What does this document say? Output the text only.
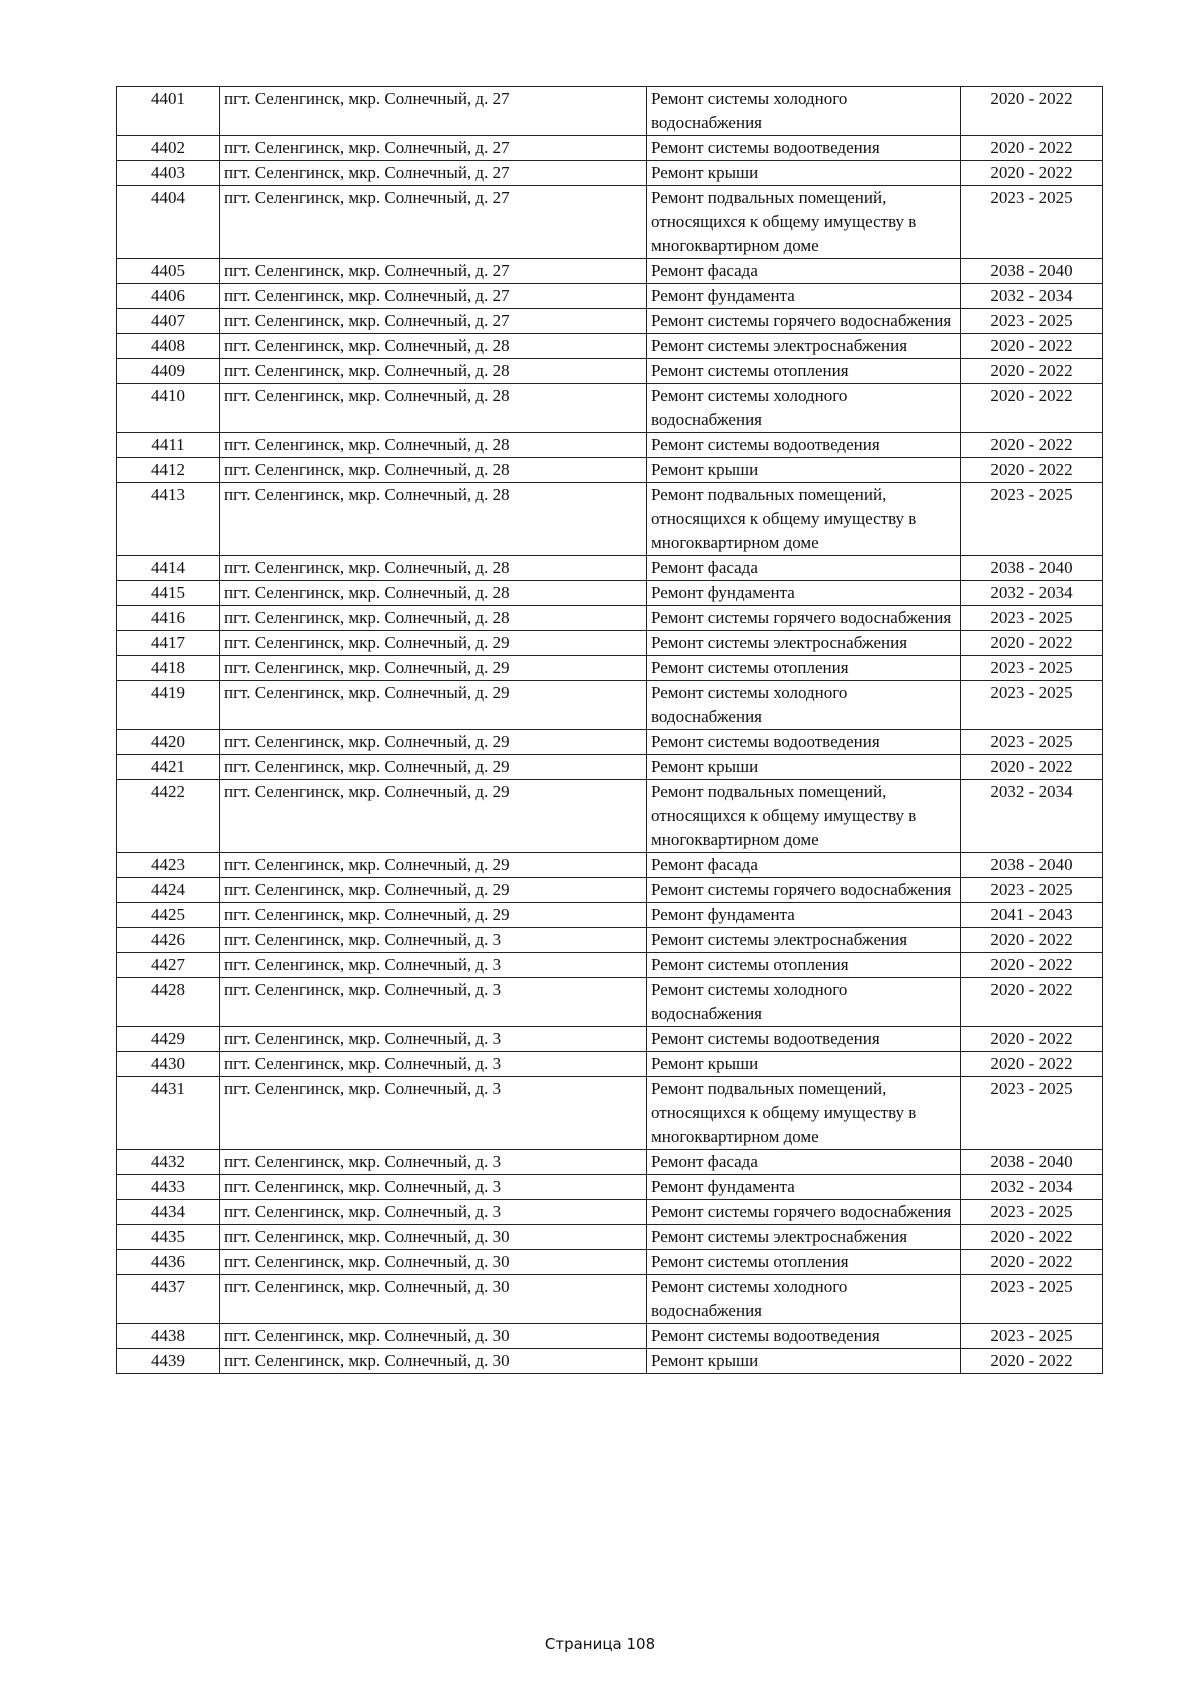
4401	пгт. Селенгинск, мкр. Солнечный, д. 27	Ремонт системы холодного водоснабжения	2020 - 2022
4402	пгт. Селенгинск, мкр. Солнечный, д. 27	Ремонт системы водоотведения	2020 - 2022
4403	пгт. Селенгинск, мкр. Солнечный, д. 27	Ремонт крыши	2020 - 2022
4404	пгт. Селенгинск, мкр. Солнечный, д. 27	Ремонт подвальных помещений, относящихся к общему имуществу в многоквартирном доме	2023 - 2025
4405	пгт. Селенгинск, мкр. Солнечный, д. 27	Ремонт фасада	2038 - 2040
4406	пгт. Селенгинск, мкр. Солнечный, д. 27	Ремонт фундамента	2032 - 2034
4407	пгт. Селенгинск, мкр. Солнечный, д. 27	Ремонт системы горячего водоснабжения	2023 - 2025
4408	пгт. Селенгинск, мкр. Солнечный, д. 28	Ремонт системы электроснабжения	2020 - 2022
4409	пгт. Селенгинск, мкр. Солнечный, д. 28	Ремонт системы отопления	2020 - 2022
4410	пгт. Селенгинск, мкр. Солнечный, д. 28	Ремонт системы холодного водоснабжения	2020 - 2022
4411	пгт. Селенгинск, мкр. Солнечный, д. 28	Ремонт системы водоотведения	2020 - 2022
4412	пгт. Селенгинск, мкр. Солнечный, д. 28	Ремонт крыши	2020 - 2022
4413	пгт. Селенгинск, мкр. Солнечный, д. 28	Ремонт подвальных помещений, относящихся к общему имуществу в многоквартирном доме	2023 - 2025
4414	пгт. Селенгинск, мкр. Солнечный, д. 28	Ремонт фасада	2038 - 2040
4415	пгт. Селенгинск, мкр. Солнечный, д. 28	Ремонт фундамента	2032 - 2034
4416	пгт. Селенгинск, мкр. Солнечный, д. 28	Ремонт системы горячего водоснабжения	2023 - 2025
4417	пгт. Селенгинск, мкр. Солнечный, д. 29	Ремонт системы электроснабжения	2020 - 2022
4418	пгт. Селенгинск, мкр. Солнечный, д. 29	Ремонт системы отопления	2023 - 2025
4419	пгт. Селенгинск, мкр. Солнечный, д. 29	Ремонт системы холодного водоснабжения	2023 - 2025
4420	пгт. Селенгинск, мкр. Солнечный, д. 29	Ремонт системы водоотведения	2023 - 2025
4421	пгт. Селенгинск, мкр. Солнечный, д. 29	Ремонт крыши	2020 - 2022
4422	пгт. Селенгинск, мкр. Солнечный, д. 29	Ремонт подвальных помещений, относящихся к общему имуществу в многоквартирном доме	2032 - 2034
4423	пгт. Селенгинск, мкр. Солнечный, д. 29	Ремонт фасада	2038 - 2040
4424	пгт. Селенгинск, мкр. Солнечный, д. 29	Ремонт системы горячего водоснабжения	2023 - 2025
4425	пгт. Селенгинск, мкр. Солнечный, д. 29	Ремонт фундамента	2041 - 2043
4426	пгт. Селенгинск, мкр. Солнечный, д. 3	Ремонт системы электроснабжения	2020 - 2022
4427	пгт. Селенгинск, мкр. Солнечный, д. 3	Ремонт системы отопления	2020 - 2022
4428	пгт. Селенгинск, мкр. Солнечный, д. 3	Ремонт системы холодного водоснабжения	2020 - 2022
4429	пгт. Селенгинск, мкр. Солнечный, д. 3	Ремонт системы водоотведения	2020 - 2022
4430	пгт. Селенгинск, мкр. Солнечный, д. 3	Ремонт крыши	2020 - 2022
4431	пгт. Селенгинск, мкр. Солнечный, д. 3	Ремонт подвальных помещений, относящихся к общему имуществу в многоквартирном доме	2023 - 2025
4432	пгт. Селенгинск, мкр. Солнечный, д. 3	Ремонт фасада	2038 - 2040
4433	пгт. Селенгинск, мкр. Солнечный, д. 3	Ремонт фундамента	2032 - 2034
4434	пгт. Селенгинск, мкр. Солнечный, д. 3	Ремонт системы горячего водоснабжения	2023 - 2025
4435	пгт. Селенгинск, мкр. Солнечный, д. 30	Ремонт системы электроснабжения	2020 - 2022
4436	пгт. Селенгинск, мкр. Солнечный, д. 30	Ремонт системы отопления	2020 - 2022
4437	пгт. Селенгинск, мкр. Солнечный, д. 30	Ремонт системы холодного водоснабжения	2023 - 2025
4438	пгт. Селенгинск, мкр. Солнечный, д. 30	Ремонт системы водоотведения	2023 - 2025
4439	пгт. Селенгинск, мкр. Солнечный, д. 30	Ремонт крыши	2020 - 2022
Страница 108
